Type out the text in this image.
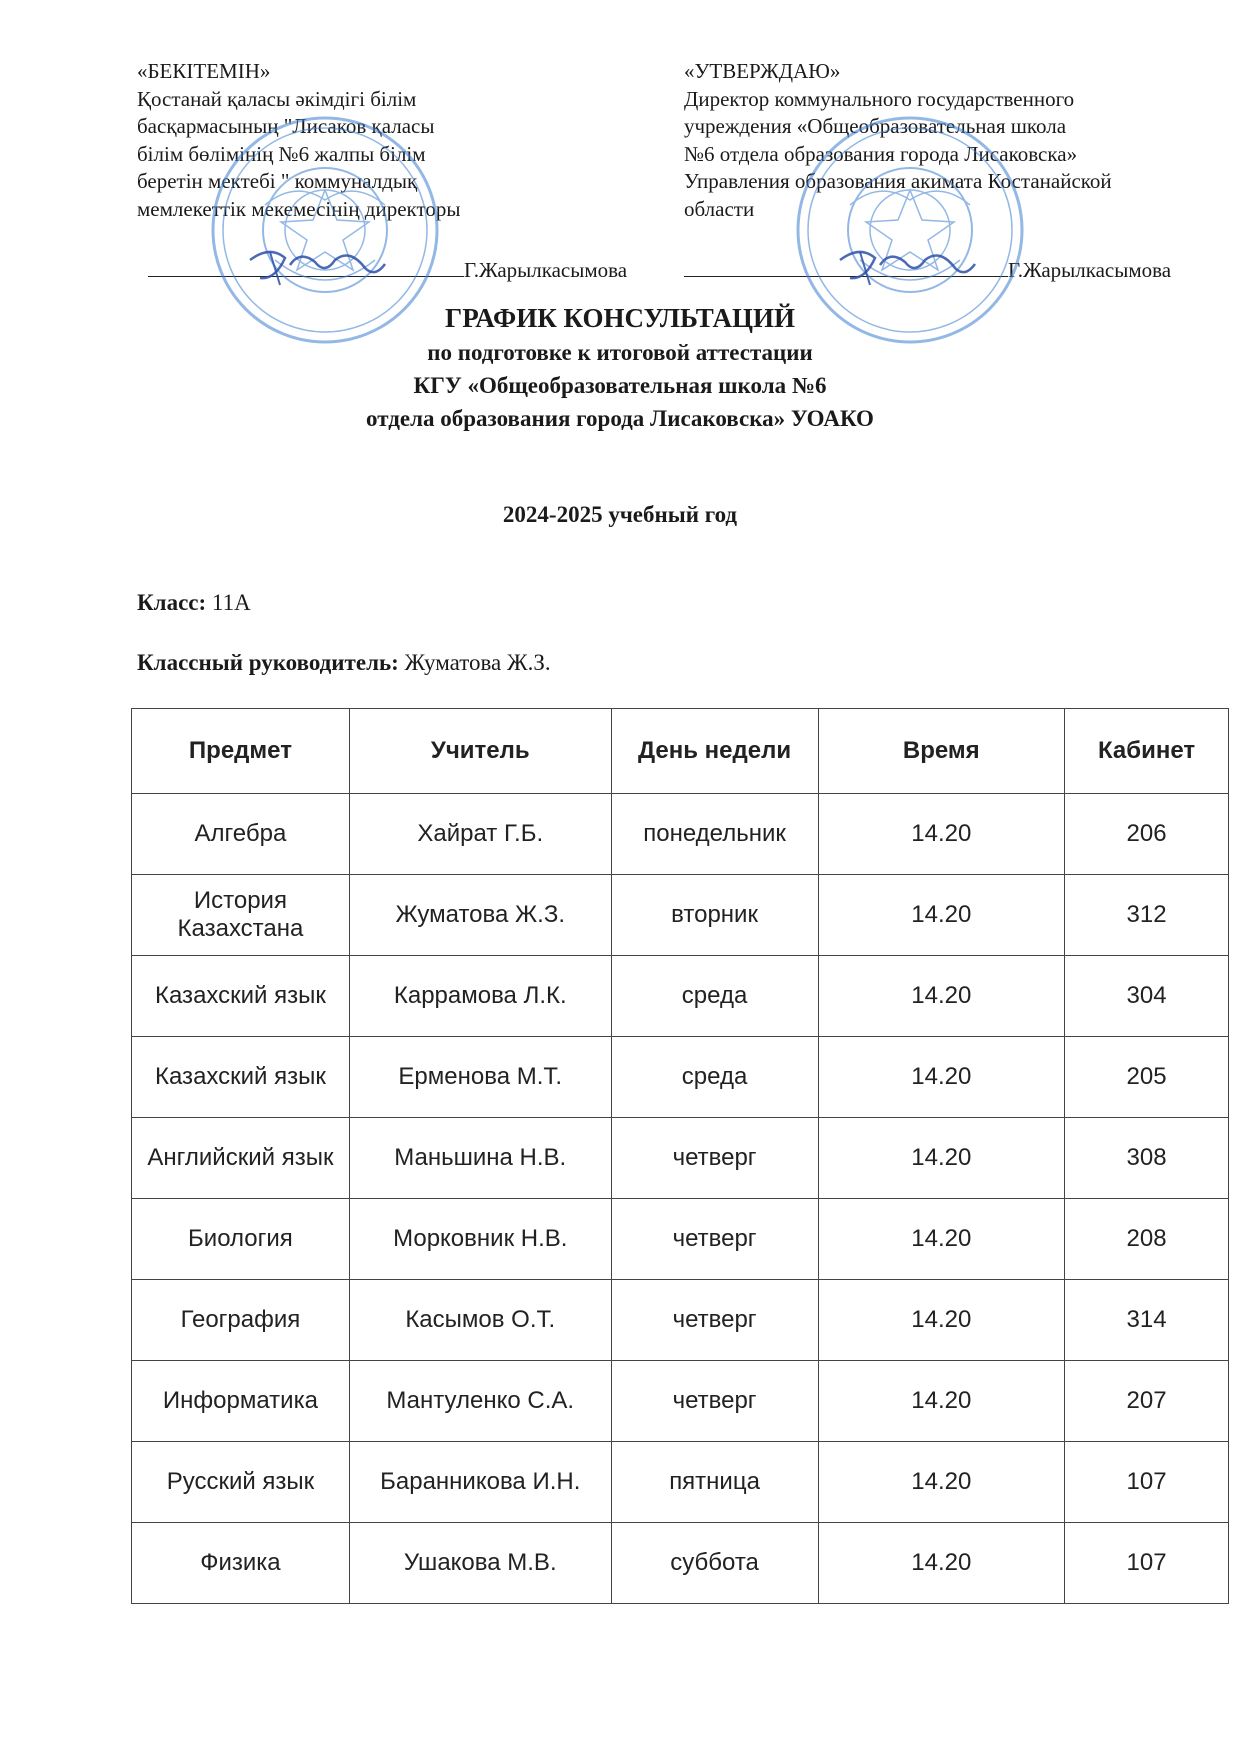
«БЕКІТЕМІН»
Қостанай қаласы әкімдігі білім
басқармасының "Лисаков қаласы
білім бөлімінің №6 жалпы білім
беретін мектебі " коммуналдық
мемлекеттік мекемесінің директоры
Г.Жарылкасымова
«УТВЕРЖДАЮ»
Директор коммунального государственного
учреждения «Общеобразовательная школа
№6 отдела образования города Лисаковска»
Управления образования акимата Костанайской
области
Г.Жарылкасымова
ГРАФИК КОНСУЛЬТАЦИЙ
по подготовке к итоговой аттестации
КГУ «Общеобразовательная школа №6
отдела образования города Лисаковска» УОАКО
2024-2025 учебный год
Класс: 11А
Классный руководитель: Жуматова Ж.З.
Предмет	Учитель	День недели	Время	Кабинет
Алгебра	Хайрат Г.Б.	понедельник	14.20	206
История Казахстана	Жуматова Ж.З.	вторник	14.20	312
Казахский язык	Каррамова Л.К.	среда	14.20	304
Казахский язык	Ерменова М.Т.	среда	14.20	205
Английский язык	Маньшина Н.В.	четверг	14.20	308
Биология	Морковник Н.В.	четверг	14.20	208
География	Касымов О.Т.	четверг	14.20	314
Информатика	Мантуленко С.А.	четверг	14.20	207
Русский язык	Баранникова И.Н.	пятница	14.20	107
Физика	Ушакова М.В.	суббота	14.20	107
